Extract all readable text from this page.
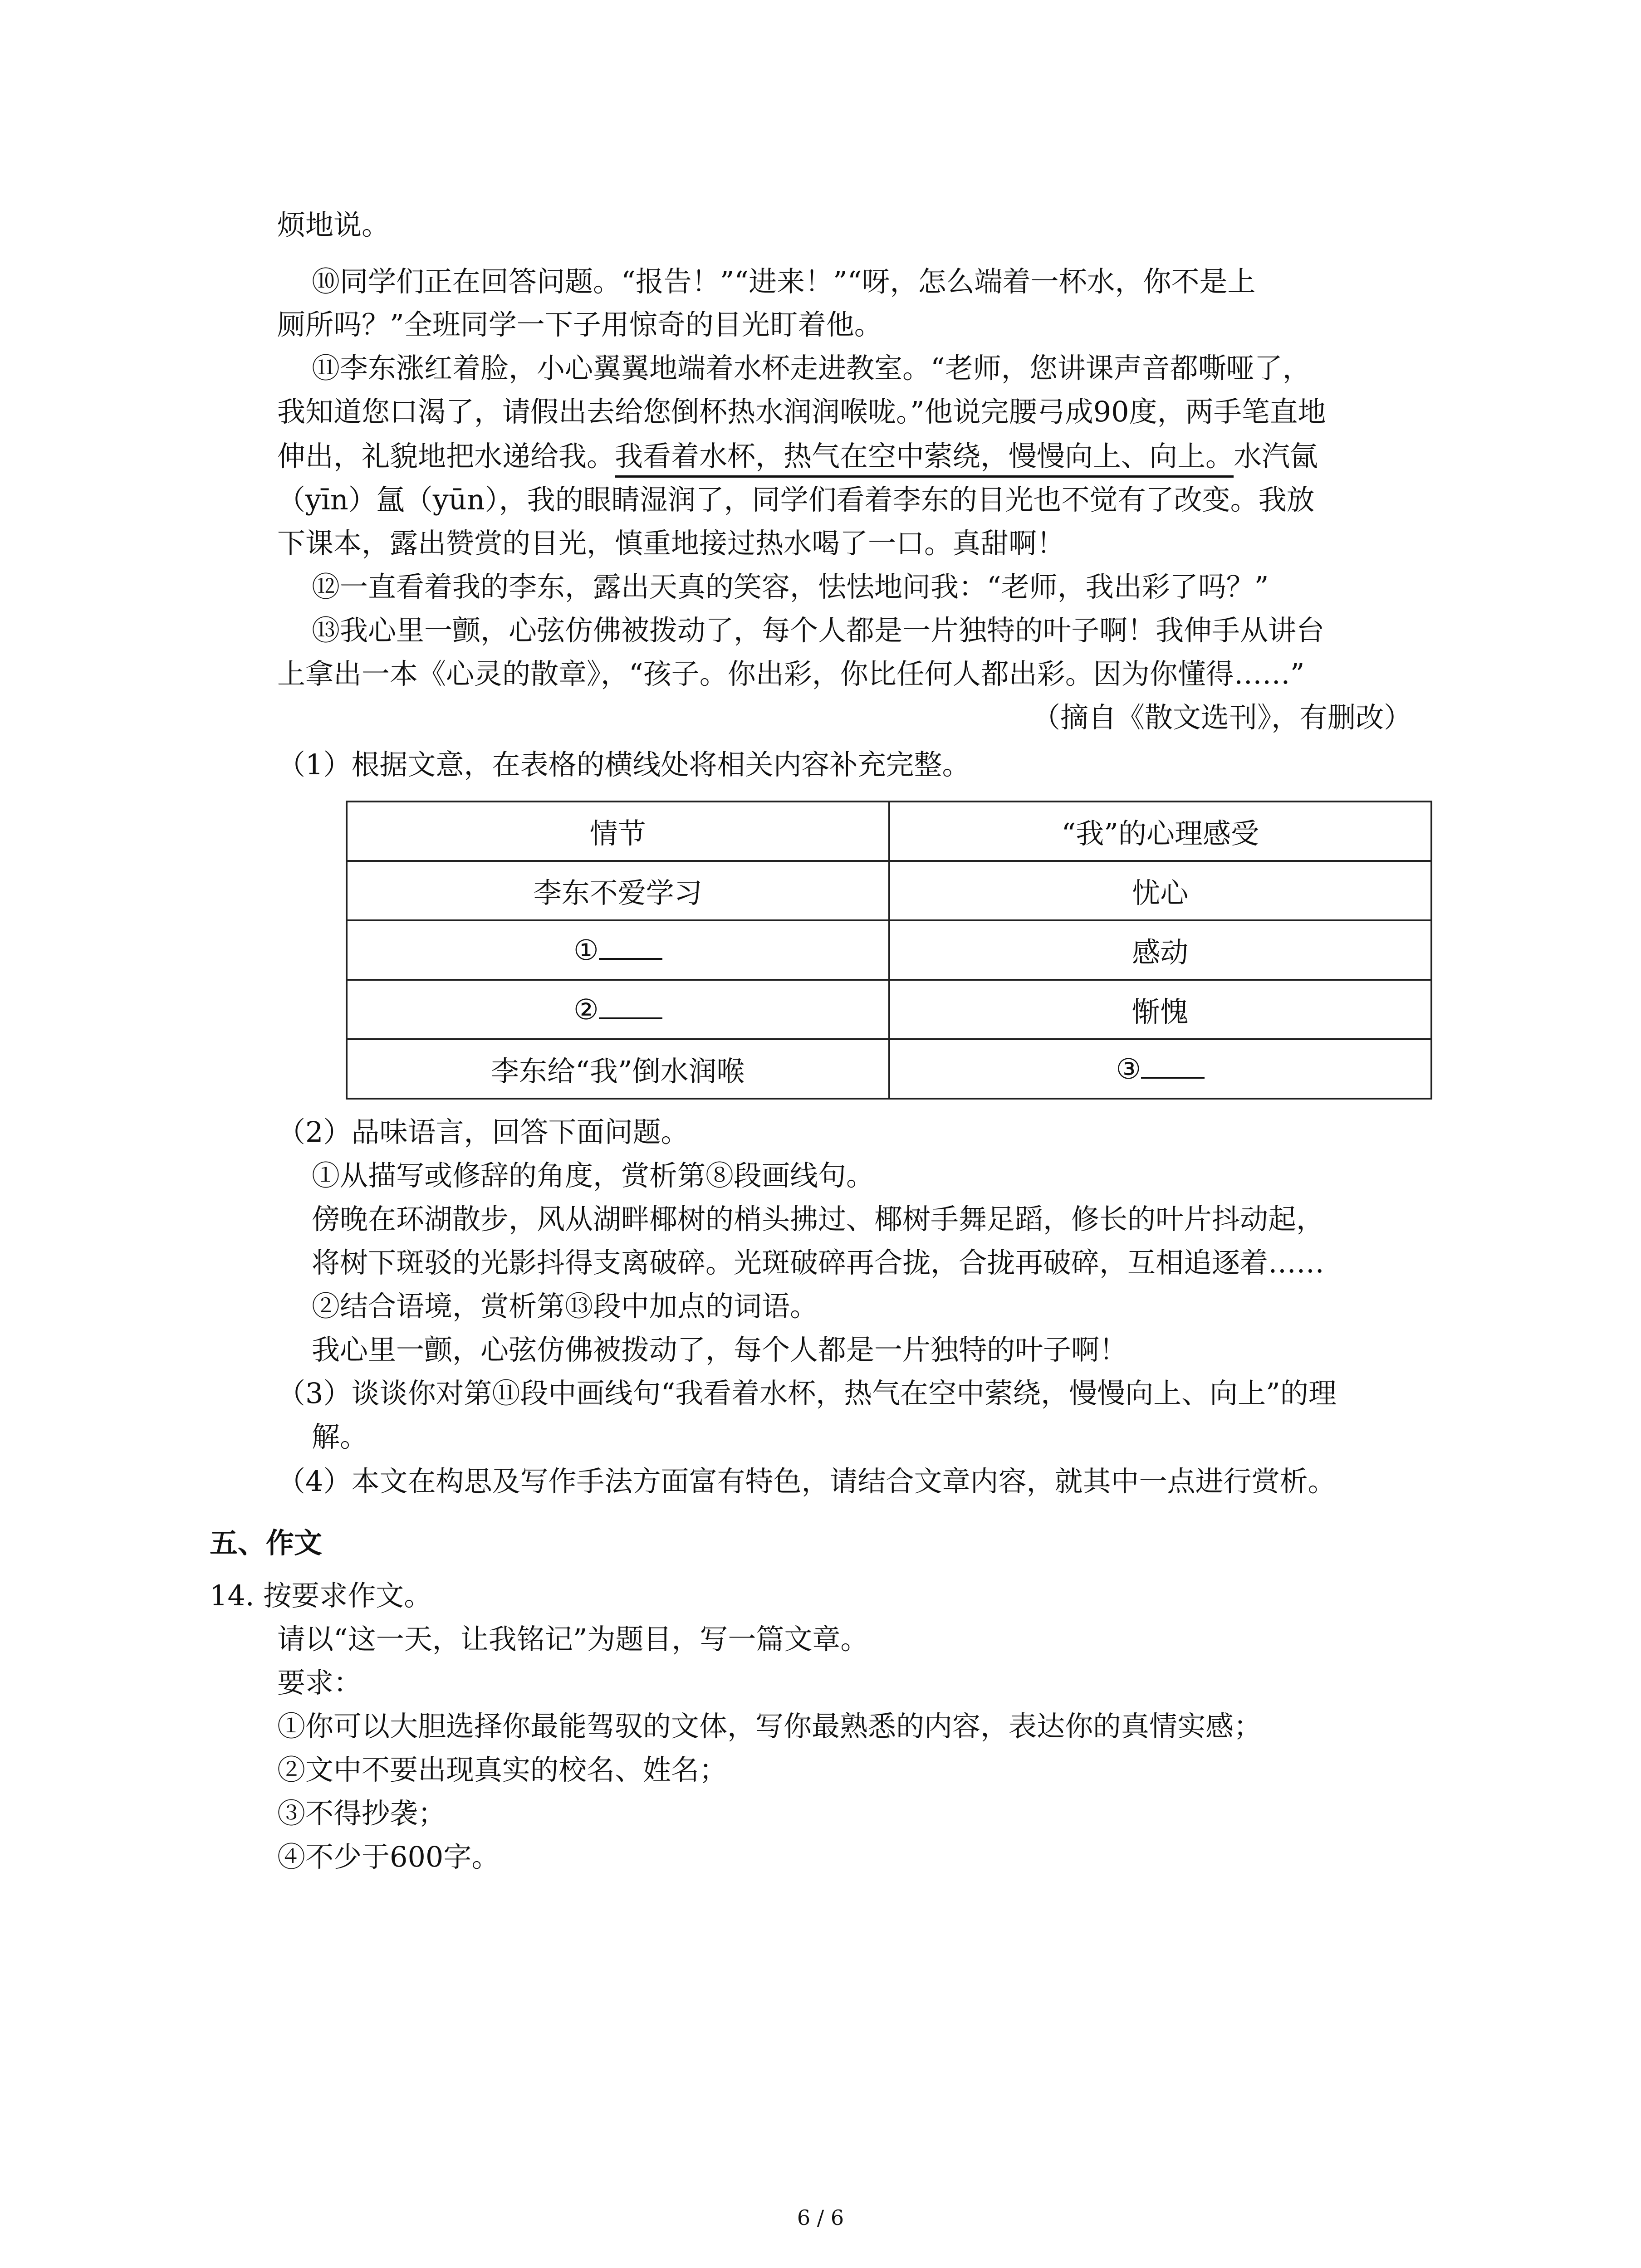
烦地说。
⑩同学们正在回答问题。“报告！”“进来！”“呀，怎么端着一杯水，你不是上
厕所吗？”全班同学一下子用惊奇的目光盯着他。
⑪李东涨红着脸，小心翼翼地端着水杯走进教室。“老师，您讲课声音都嘶哑了，
我知道您口渴了，请假出去给您倒杯热水润润喉咙。”他说完腰弓成90度，两手笔直地
伸出，礼貌地把水递给我。我看着水杯，热气在空中萦绕，慢慢向上、向上。水汽氤
（yīn）氲（yūn），我的眼睛湿润了，同学们看着李东的目光也不觉有了改变。我放
下课本，露出赞赏的目光，慎重地接过热水喝了一口。真甜啊！
⑫一直看着我的李东，露出天真的笑容，怯怯地问我：“老师，我出彩了吗？”
⑬我心里一颤，心弦仿佛被拨动了，每个人都是一片独特的叶子啊！我伸手从讲台
上拿出一本《心灵的散章》，“孩子。你出彩，你比任何人都出彩。因为你懂得……”
（摘自《散文选刊》，有删改）
（1）根据文意，在表格的横线处将相关内容补充完整。
情节	“我”的心理感受
李东不爱学习	忧心
①	感动
②	惭愧
李东给“我”倒水润喉	③
（2）品味语言，回答下面问题。
①从描写或修辞的角度，赏析第⑧段画线句。
傍晚在环湖散步，风从湖畔椰树的梢头拂过、椰树手舞足蹈，修长的叶片抖动起，
将树下斑驳的光影抖得支离破碎。光斑破碎再合拢，合拢再破碎，互相追逐着……
②结合语境，赏析第⑬段中加点的词语。
我心里一颤，心弦仿佛被拨动了，每个人都是一片独特的叶子啊！
（3）谈谈你对第⑪段中画线句“我看着水杯，热气在空中萦绕，慢慢向上、向上”的理
解。
（4）本文在构思及写作手法方面富有特色，请结合文章内容，就其中一点进行赏析。
五、作文
14. 按要求作文。
请以“这一天，让我铭记”为题目，写一篇文章。
要求：
①你可以大胆选择你最能驾驭的文体，写你最熟悉的内容，表达你的真情实感；
②文中不要出现真实的校名、姓名；
③不得抄袭；
④不少于600字。
6 / 6
